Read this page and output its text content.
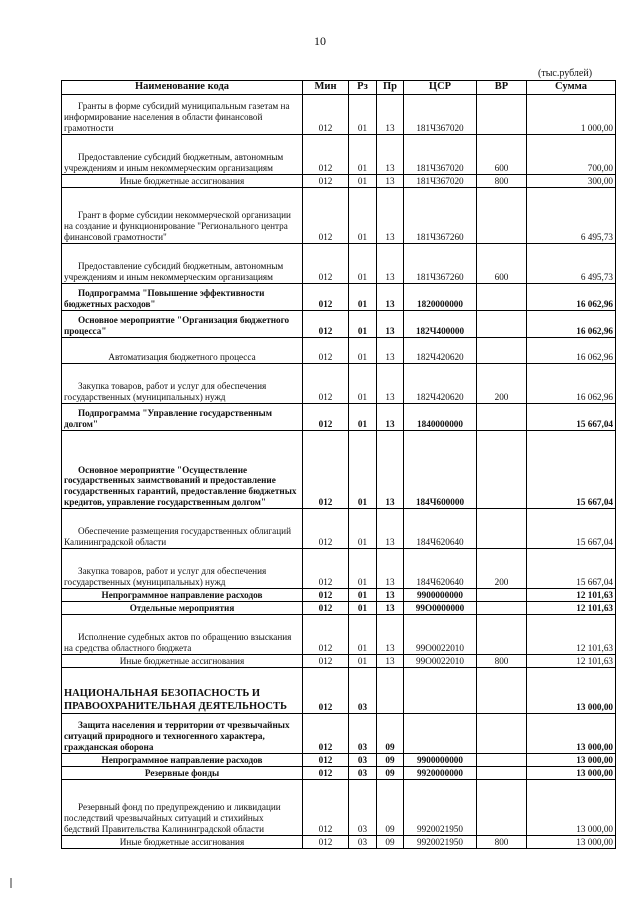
10
(тыс.рублей)
Наименование кода	Мин	Рз	Пр	ЦСР	ВР	Сумма
Гранты в форме субсидий муниципальным газетам на информирование населения в области финансовой грамотности	012	01	13	181Ч367020		1 000,00
Предоставление субсидий бюджетным, автономным учреждениям и иным некоммерческим организациям	012	01	13	181Ч367020	600	700,00
Иные бюджетные ассигнования	012	01	13	181Ч367020	800	300,00
Грант в форме субсидии некоммерческой организации на создание и функционирование "Регионального центра финансовой грамотности"	012	01	13	181Ч367260		6 495,73
Предоставление субсидий бюджетным, автономным учреждениям и иным некоммерческим организациям	012	01	13	181Ч367260	600	6 495,73
Подпрограмма "Повышение эффективности бюджетных расходов"	012	01	13	1820000000		16 062,96
Основное мероприятие "Организация бюджетного процесса"	012	01	13	182Ч400000		16 062,96
Автоматизация бюджетного процесса	012	01	13	182Ч420620		16 062,96
Закупка товаров, работ и услуг для обеспечения государственных (муниципальных) нужд	012	01	13	182Ч420620	200	16 062,96
Подпрограмма "Управление государственным долгом"	012	01	13	1840000000		15 667,04
Основное мероприятие "Осуществление государственных заимствований и предоставление государственных гарантий, предоставление бюджетных кредитов, управление государственным долгом"	012	01	13	184Ч600000		15 667,04
Обеспечение размещения государственных облигаций Калининградской области	012	01	13	184Ч620640		15 667,04
Закупка товаров, работ и услуг для обеспечения государственных (муниципальных) нужд	012	01	13	184Ч620640	200	15 667,04
Непрограммное направление расходов	012	01	13	9900000000		12 101,63
Отдельные мероприятия	012	01	13	99О0000000		12 101,63
Исполнение судебных актов по обращению взыскания на средства областного бюджета	012	01	13	99О0022010		12 101,63
Иные бюджетные ассигнования	012	01	13	99О0022010	800	12 101,63
НАЦИОНАЛЬНАЯ БЕЗОПАСНОСТЬ И ПРАВООХРАНИТЕЛЬНАЯ ДЕЯТЕЛЬНОСТЬ	012	03				13 000,00
Защита населения и территории от чрезвычайных ситуаций природного и техногенного характера, гражданская оборона	012	03	09			13 000,00
Непрограммное направление расходов	012	03	09	9900000000		13 000,00
Резервные фонды	012	03	09	9920000000		13 000,00
Резервный фонд по предупреждению и ликвидации последствий чрезвычайных ситуаций и стихийных бедствий Правительства Калининградской области	012	03	09	9920021950		13 000,00
Иные бюджетные ассигнования	012	03	09	9920021950	800	13 000,00
